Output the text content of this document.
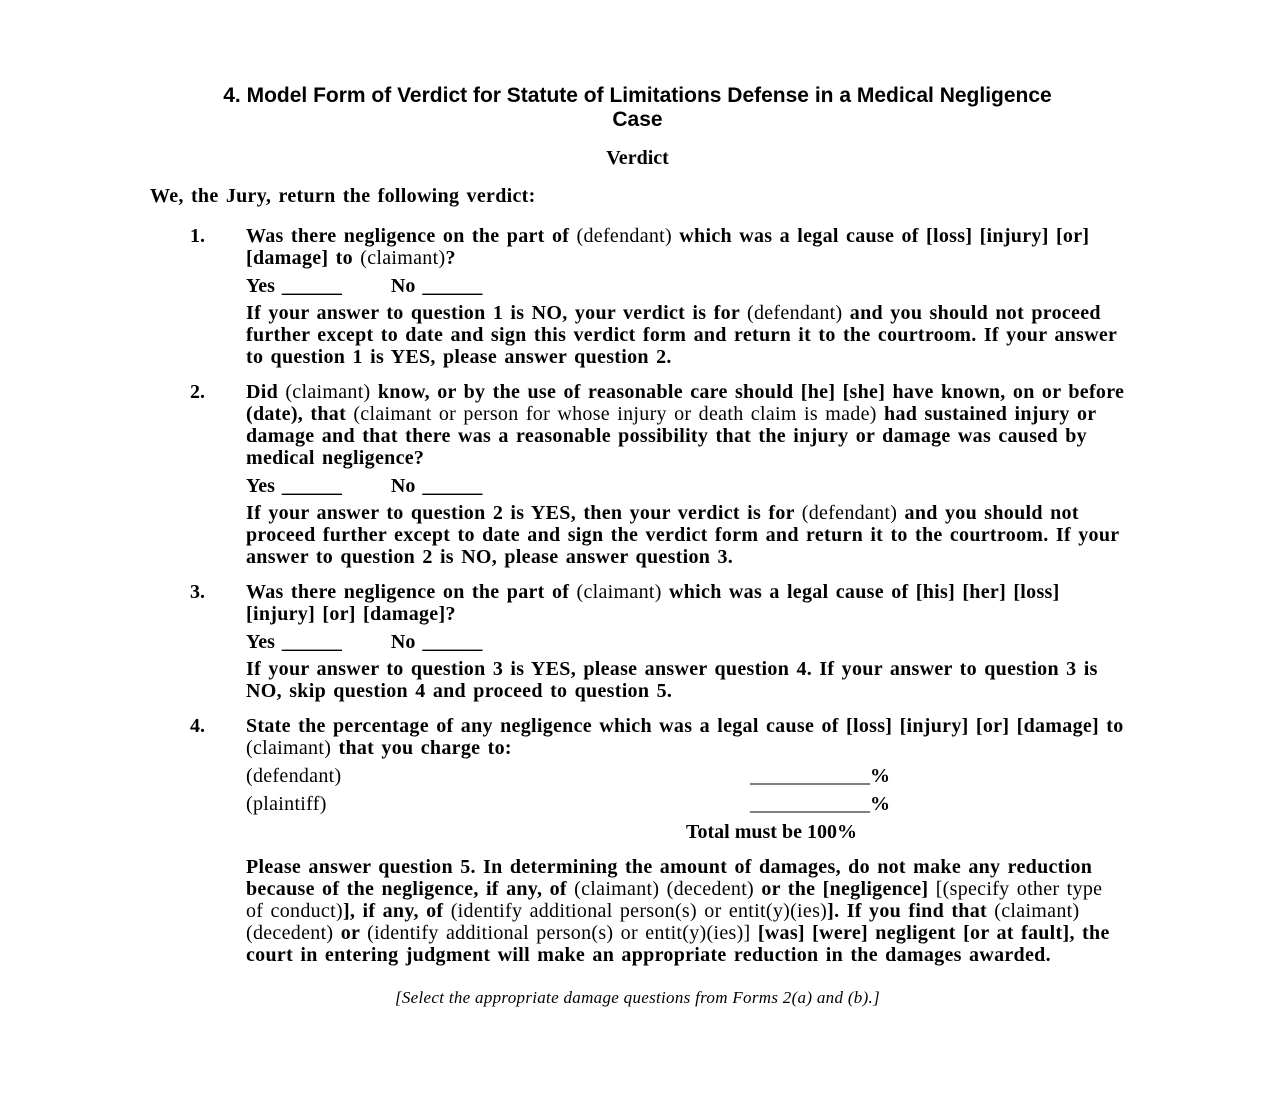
4. Model Form of Verdict for Statute of Limitations Defense in a Medical Negligence Case
Verdict
We, the Jury, return the following verdict:
1.	Was there negligence on the part of (defendant) which was a legal cause of [loss] [injury] [or] [damage] to (claimant)?

Yes ______ No ______

If your answer to question 1 is NO, your verdict is for (defendant) and you should not proceed further except to date and sign this verdict form and return it to the courtroom. If your answer to question 1 is YES, please answer question 2.

2.	Did (claimant) know, or by the use of reasonable care should [he] [she] have known, on or before (date), that (claimant or person for whose injury or death claim is made) had sustained injury or damage and that there was a reasonable possibility that the injury or damage was caused by medical negligence?

Yes ______ No ______

If your answer to question 2 is YES, then your verdict is for (defendant) and you should not proceed further except to date and sign the verdict form and return it to the courtroom. If your answer to question 2 is NO, please answer question 3.

3.	Was there negligence on the part of (claimant) which was a legal cause of [his] [her] [loss] [injury] [or] [damage]?

Yes ______ No ______

If your answer to question 3 is YES, please answer question 4. If your answer to question 3 is NO, skip question 4 and proceed to question 5.

4.	State the percentage of any negligence which was a legal cause of [loss] [injury] [or] [damage] to (claimant) that you charge to:

(defendant)	____________ %
(plaintiff)	____________ %
Total must be 100%

Please answer question 5. In determining the amount of damages, do not make any reduction because of the negligence, if any, of (claimant) (decedent) or the [negligence] [(specify other type of conduct)], if any, of (identify additional person(s) or entit(y)(ies)]. If you find that (claimant) (decedent) or (identify additional person(s) or entit(y)(ies)] [was] [were] negligent [or at fault], the court in entering judgment will make an appropriate reduction in the damages awarded.

[Select the appropriate damage questions from Forms 2(a) and (b).]
